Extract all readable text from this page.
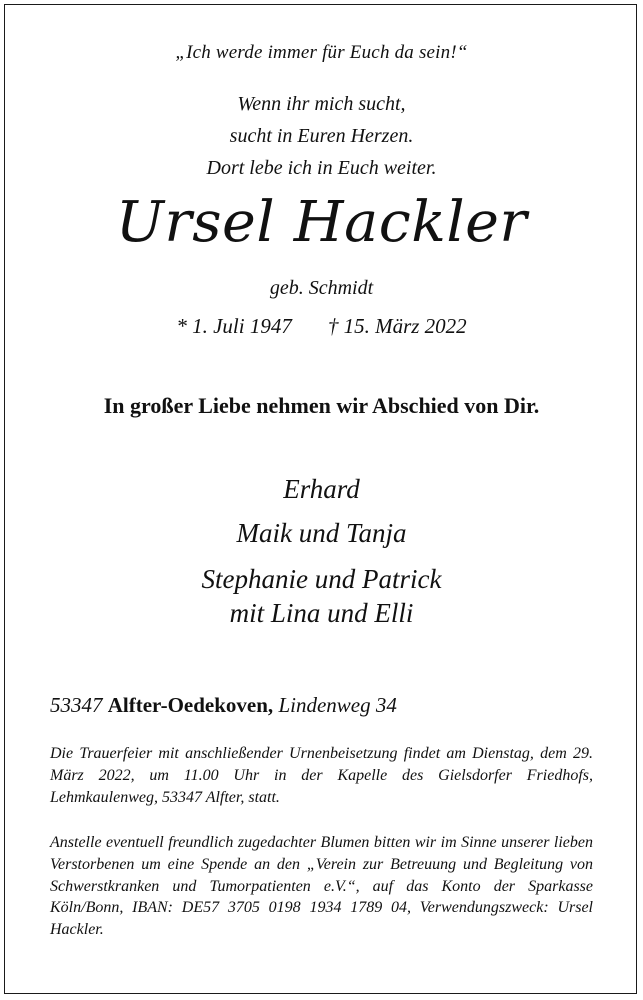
„Ich werde immer für Euch da sein!“
Wenn ihr mich sucht,
sucht in Euren Herzen.
Dort lebe ich in Euch weiter.
Ursel Hackler
geb. Schmidt
* 1. Juli 1947 † 15. März 2022
In großer Liebe nehmen wir Abschied von Dir.
Erhard
Maik und Tanja
Stephanie und Patrick
mit Lina und Elli
53347 Alfter-Oedekoven, Lindenweg 34

Die Trauerfeier mit anschließender Urnenbeisetzung findet am Dienstag, dem 29. März 2022, um 11.00 Uhr in der Kapelle des Gielsdorfer Friedhofs, Lehmkaulenweg, 53347 Alfter, statt.

Anstelle eventuell freundlich zugedachter Blumen bitten wir im Sinne unserer lieben Verstorbenen um eine Spende an den „Verein zur Betreuung und Begleitung von Schwerstkranken und Tumorpatienten e.V.“, auf das Konto der Sparkasse Köln/Bonn, IBAN: DE57 3705 0198 1934 1789 04, Verwendungszweck: Ursel Hackler.
